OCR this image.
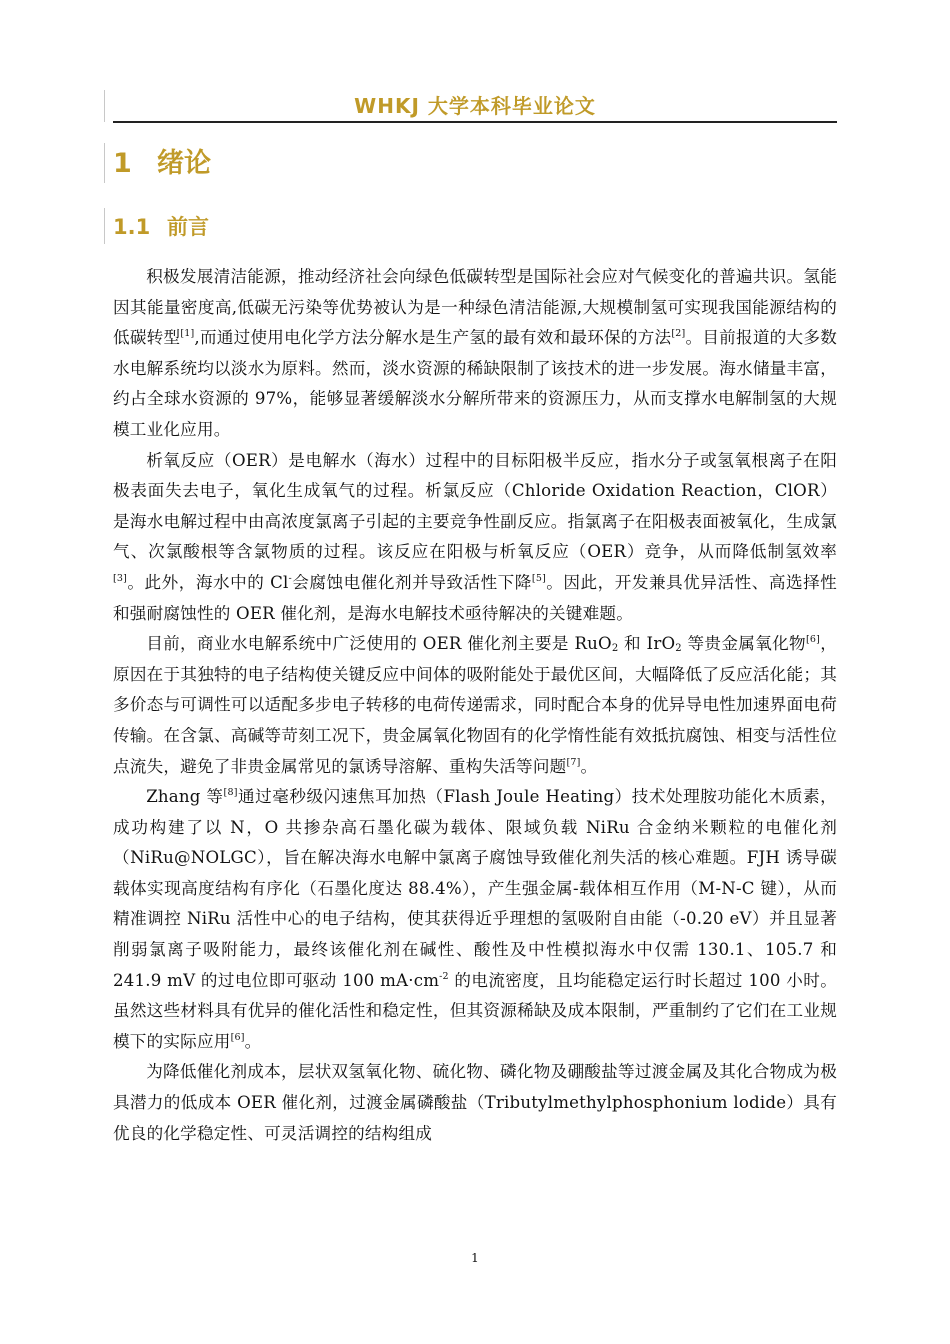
WHKJ 大学本科毕业论文
1 绪论
1.1 前言

积极发展清洁能源，推动经济社会向绿色低碳转型是国际社会应对气候变化的普遍共识。氢能因其能量密度高,低碳无污染等优势被认为是一种绿色清洁能源,大规模制氢可实现我国能源结构的低碳转型[1],而通过使用电化学方法分解水是生产氢的最有效和最环保的方法[2]。目前报道的大多数水电解系统均以淡水为原料。然而，淡水资源的稀缺限制了该技术的进一步发展。海水储量丰富，约占全球水资源的 97%，能够显著缓解淡水分解所带来的资源压力，从而支撑水电解制氢的大规模工业化应用。

析氧反应（OER）是电解水（海水）过程中的目标阳极半反应，指水分子或氢氧根离子在阳极表面失去电子，氧化生成氧气的过程。析氯反应（Chloride Oxidation Reaction，ClOR）是海水电解过程中由高浓度氯离子引起的主要竞争性副反应。指氯离子在阳极表面被氧化，生成氯气、次氯酸根等含氯物质的过程。该反应在阳极与析氧反应（OER）竞争，从而降低制氢效率[3]。此外，海水中的 Cl-会腐蚀电催化剂并导致活性下降[5]。因此，开发兼具优异活性、高选择性和强耐腐蚀性的 OER 催化剂，是海水电解技术亟待解决的关键难题。

目前，商业水电解系统中广泛使用的 OER 催化剂主要是 RuO$_2$ 和 IrO$_2$ 等贵金属氧化物[6]，原因在于其独特的电子结构使关键反应中间体的吸附能处于最优区间，大幅降低了反应活化能；其多价态与可调性可以适配多步电子转移的电荷传递需求，同时配合本身的优异导电性加速界面电荷传输。在含氯、高碱等苛刻工况下，贵金属氧化物固有的化学惰性能有效抵抗腐蚀、相变与活性位点流失，避免了非贵金属常见的氯诱导溶解、重构失活等问题[7]。

Zhang 等[8]通过毫秒级闪速焦耳加热（Flash Joule Heating）技术处理胺功能化木质素，成功构建了以 N，O 共掺杂高石墨化碳为载体、限域负载 NiRu 合金纳米颗粒的电催化剂（NiRu@NOLGC），旨在解决海水电解中氯离子腐蚀导致催化剂失活的核心难题。FJH 诱导碳载体实现高度结构有序化（石墨化度达 88.4%），产生强金属-载体相互作用（M-N-C 键），从而精准调控 NiRu 活性中心的电子结构，使其获得近乎理想的氢吸附自由能（-0.20 eV）并且显著削弱氯离子吸附能力，最终该催化剂在碱性、酸性及中性模拟海水中仅需 130.1、105.7 和 241.9 mV 的过电位即可驱动 100 $mA\cdot cm^{-2}$ 的电流密度，且均能稳定运行时长超过 100 小时。虽然这些材料具有优异的催化活性和稳定性，但其资源稀缺及成本限制，严重制约了它们在工业规模下的实际应用[6]。

为降低催化剂成本，层状双氢氧化物、硫化物、磷化物及硼酸盐等过渡金属及其化合物成为极具潜力的低成本 OER 催化剂，过渡金属磷酸盐（Tributylmethylphosphonium lodide）具有优良的化学稳定性、可灵活调控的结构组成

1
